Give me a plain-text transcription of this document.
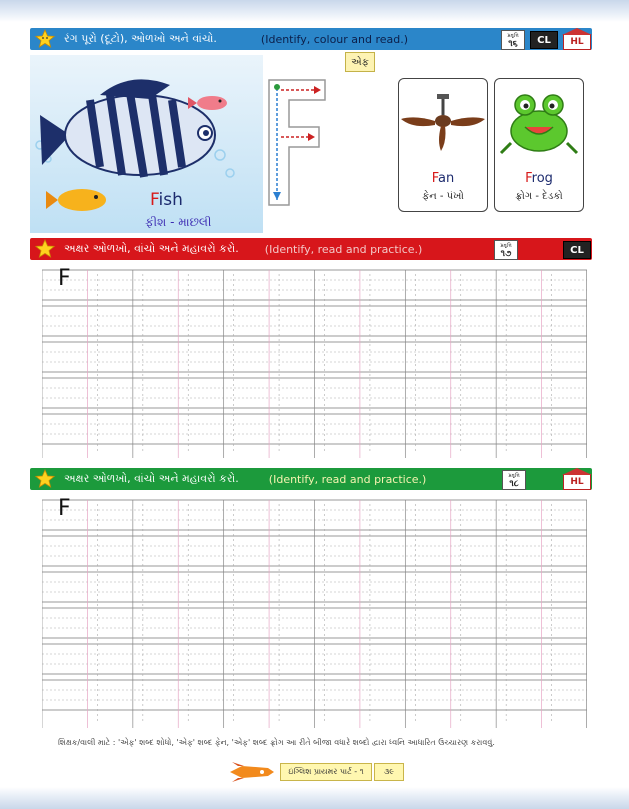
રંગ પૂરો (દૂટો), ઓળખો અને વાંચો.	(Identify, colour and read.)	પ્રવૃત્તિ
૧૬	CL	HL
Fish
ફીશ - માછલી
એફ
Fan
ફેન - પંખો
Frog
ફ્રોગ - દેડકો
અક્ષર ઓળખો, વાંચો અને મહાવરો કરો. (Identify, read and practice.)	પ્રવૃત્તિ
૧૭	CL
F
અક્ષર ઓળખો, વાંચો અને મહાવરો કરો.	(Identify, read and practice.)	પ્રવૃત્તિ
૧૮	HL
F
શિક્ષક/વાલી માટે : 'એફ' શબ્દ શોધો, 'એફ' શબ્દ ફેન, 'એફ' શબ્દ ફ્રોગ આ રીતે બીજા વધારે શબ્દો દ્વારા ધ્વનિ આધારિત ઉચ્ચારણ કરાવવું.
ઇંગ્લિશ પ્રાયમર પાર્ટ - ૧	૩૯
